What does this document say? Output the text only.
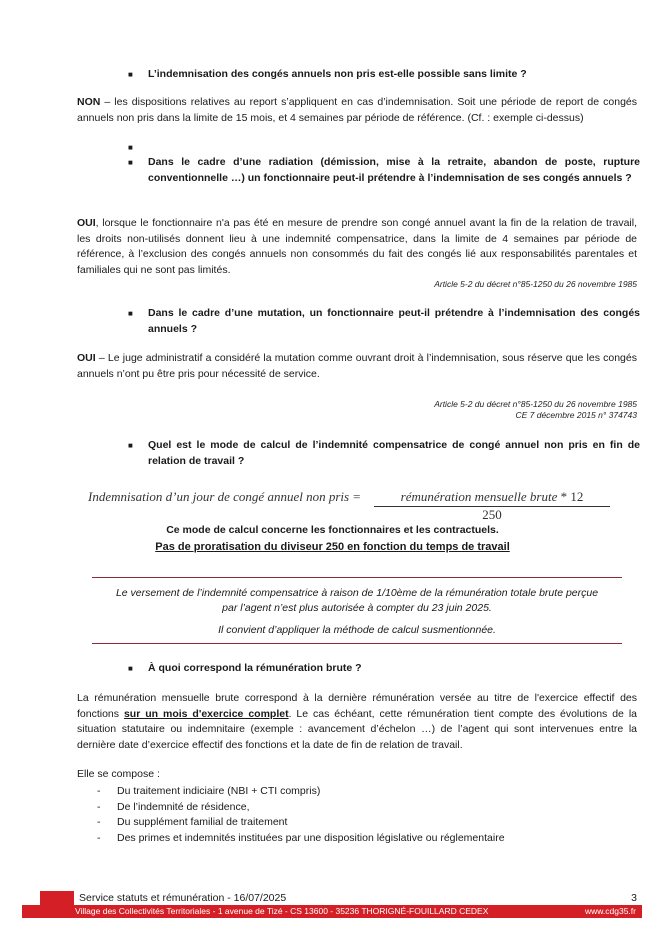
■	L’indemnisation des congés annuels non pris est-elle possible sans limite ?
NON – les dispositions relatives au report s’appliquent en cas d’indemnisation. Soit une période de report de congés annuels non pris dans la limite de 15 mois, et 4 semaines par période de référence. (Cf. : exemple ci-dessus)
■
■	Dans le cadre d’une radiation (démission, mise à la retraite, abandon de poste, rupture conventionnelle …) un fonctionnaire peut-il prétendre à l’indemnisation de ses congés annuels ?
OUI, lorsque le fonctionnaire n'a pas été en mesure de prendre son congé annuel avant la fin de la relation de travail, les droits non-utilisés donnent lieu à une indemnité compensatrice, dans la limite de 4 semaines par période de référence, à l’exclusion des congés annuels non consommés du fait des congés lié aux responsabilités parentales et familiales qui ne sont pas limités.
Article 5-2 du décret n°85-1250 du 26 novembre 1985
■	Dans le cadre d’une mutation, un fonctionnaire peut-il prétendre à l’indemnisation des congés annuels ?
OUI – Le juge administratif a considéré la mutation comme ouvrant droit à l’indemnisation, sous réserve que les congés annuels n’ont pu être pris pour nécessité de service.
Article 5-2 du décret n°85-1250 du 26 novembre 1985
CE 7 décembre 2015 n° 374743
■	Quel est le mode de calcul de l’indemnité compensatrice de congé annuel non pris en fin de relation de travail ?
Indemnisation d’un jour de congé annuel non pris =	rémunération mensuelle brute * 12
250
Ce mode de calcul concerne les fonctionnaires et les contractuels.
Pas de proratisation du diviseur 250 en fonction du temps de travail
Le versement de l’indemnité compensatrice à raison de 1/10ème de la rémunération totale brute perçue
par l’agent n’est plus autorisée à compter du 23 juin 2025.
Il convient d’appliquer la méthode de calcul susmentionnée.
■	À quoi correspond la rémunération brute ?
La rémunération mensuelle brute correspond à la dernière rémunération versée au titre de l'exercice effectif des fonctions sur un mois d'exercice complet. Le cas échéant, cette rémunération tient compte des évolutions de la situation statutaire ou indemnitaire (exemple : avancement d’échelon …) de l’agent qui sont intervenues entre la dernière date d’exercice effectif des fonctions et la date de fin de relation de travail.
Elle se compose :
-	Du traitement indiciaire (NBI + CTI compris)
-	De l’indemnité de résidence,
-	Du supplément familial de traitement
-	Des primes et indemnités instituées par une disposition législative ou réglementaire
Service statuts et rémunération - 16/07/2025	3
Village des Collectivités Territoriales - 1 avenue de Tizé - CS 13600 - 35236 THORIGNÉ-FOUILLARD CEDEX	www.cdg35.fr
